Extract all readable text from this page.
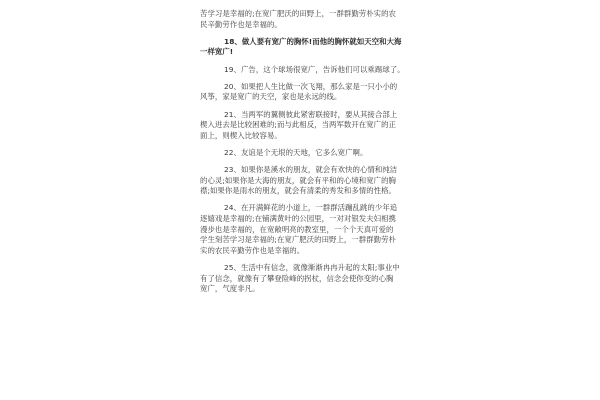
苦学习是幸福的;在宽广肥沃的田野上，一群群勤劳朴实的农
民辛勤劳作也是幸福的。
18、做人要有宽广的胸怀!而他的胸怀就如天空和大海
一样宽广!
19、广告，这个球场很宽广，告诉他们可以乘踢球了。
20、如果把人生比做一次飞翔，那么家是一只小小的
风筝，家是宽广的天空，家也是永远的线。
21、当两军的翼侧彼此紧密联接时，要从其接合部上
楔入进去是比较困难的;而与此相反，当两军数开在宽广的正
面上，则楔入比较容易。
22、友谊是个无垠的天地，它多么宽广啊。
23、如果你是溪水的朋友，就会有欢快的心情和纯洁
的心灵;如果你是大海的朋友，就会有平和的心境和宽广的胸
襟;如果你是雨水的朋友，就会有清柔的秀发和多情的性格。
24、在开满鲜花的小道上，一群群活蹦乱跳的少年追
逐嬉戏是幸福的;在铺满黄叶的公园里，一对对银发夫妇相携
漫步也是幸福的，在宽敞明亮的教室里，一个个天真可爱的
学生刻苦学习是幸福的;在宽广肥沃的田野上，一群群勤劳朴
实的农民辛勤劳作也是幸福的。
25、生活中有信念，就像渐渐冉冉升起的太阳;事业中
有了信念，就像有了攀登险峰的拐杖，信念会使你变的心胸
宽广，气度非凡。
